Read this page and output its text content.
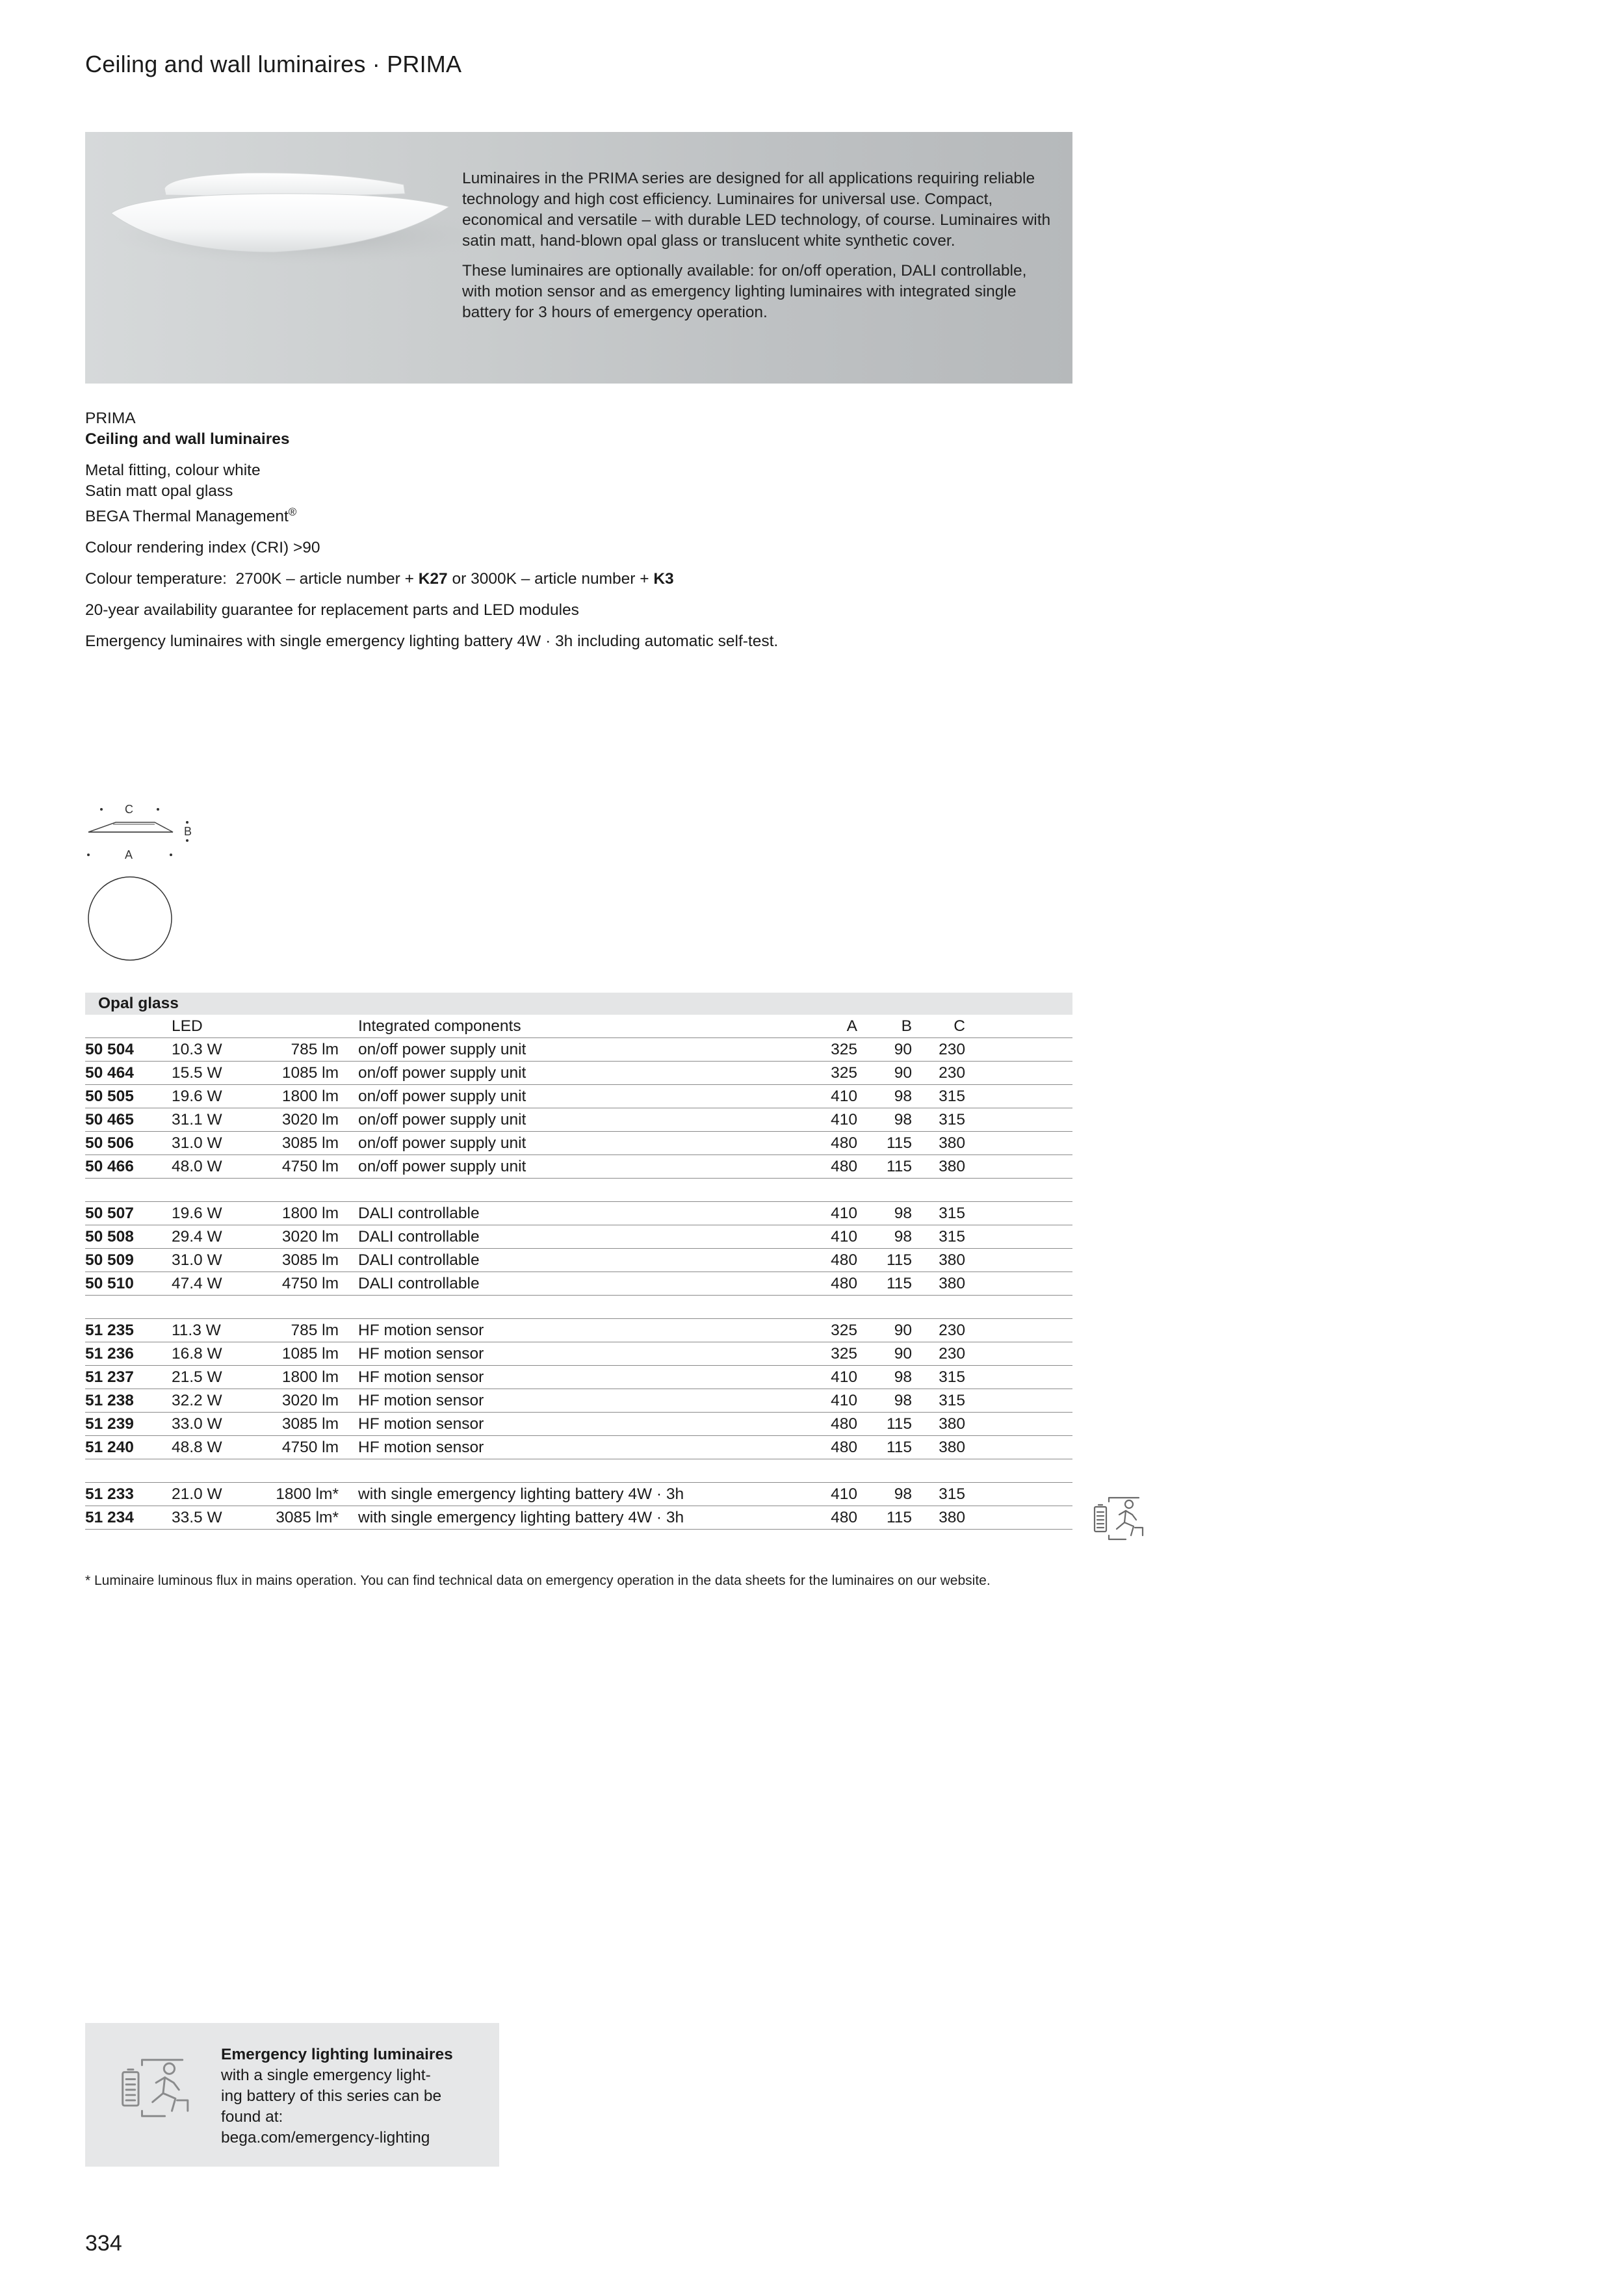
Ceiling and wall luminaires · PRIMA

Luminaires in the PRIMA series are designed for all applications requiring reliable technology and high cost efficiency. Luminaires for universal use. Compact, economical and versatile – with durable LED technology, of course. Luminaires with satin matt, hand-blown opal glass or translucent white synthetic cover.

These luminaires are optionally available: for on/off operation, DALI controllable, with motion sensor and as emergency lighting luminaires with integrated single battery for 3 hours of emergency operation.

PRIMA
Ceiling and wall luminaires
Metal fitting, colour white
Satin matt opal glass
BEGA Thermal Management®
Colour rendering index (CRI) >90
Colour temperature:  2700K – article number + K27 or 3000K – article number + K3
20-year availability guarantee for replacement parts and LED modules
Emergency luminaires with single emergency lighting battery 4W · 3h including automatic self-test.
C
B
A
Opal glass
	LED			Integrated components	A	B	C	
50 504	10.3 W	785 lm		on/off power supply unit	325	90	230	
50 464	15.5 W	1085 lm		on/off power supply unit	325	90	230	
50 505	19.6 W	1800 lm		on/off power supply unit	410	98	315	
50 465	31.1 W	3020 lm		on/off power supply unit	410	98	315	
50 506	31.0 W	3085 lm		on/off power supply unit	480	115	380	
50 466	48.0 W	4750 lm		on/off power supply unit	480	115	380	

50 507	19.6 W	1800 lm		DALI controllable	410	98	315	
50 508	29.4 W	3020 lm		DALI controllable	410	98	315	
50 509	31.0 W	3085 lm		DALI controllable	480	115	380	
50 510	47.4 W	4750 lm		DALI controllable	480	115	380	

51 235	11.3 W	785 lm		HF motion sensor	325	90	230	
51 236	16.8 W	1085 lm		HF motion sensor	325	90	230	
51 237	21.5 W	1800 lm		HF motion sensor	410	98	315	
51 238	32.2 W	3020 lm		HF motion sensor	410	98	315	
51 239	33.0 W	3085 lm		HF motion sensor	480	115	380	
51 240	48.8 W	4750 lm		HF motion sensor	480	115	380	

51 233	21.0 W	1800 lm*		with single emergency lighting battery 4W · 3h	410	98	315	
51 234	33.5 W	3085 lm*		with single emergency lighting battery 4W · 3h	480	115	380	
* Luminaire luminous flux in mains operation. You can find technical data on emergency operation in the data sheets for the luminaires on our website.
Emergency lighting luminaires
with a single emergency light-
ing battery of this series can be
found at:
bega.com/emergency-lighting
334
